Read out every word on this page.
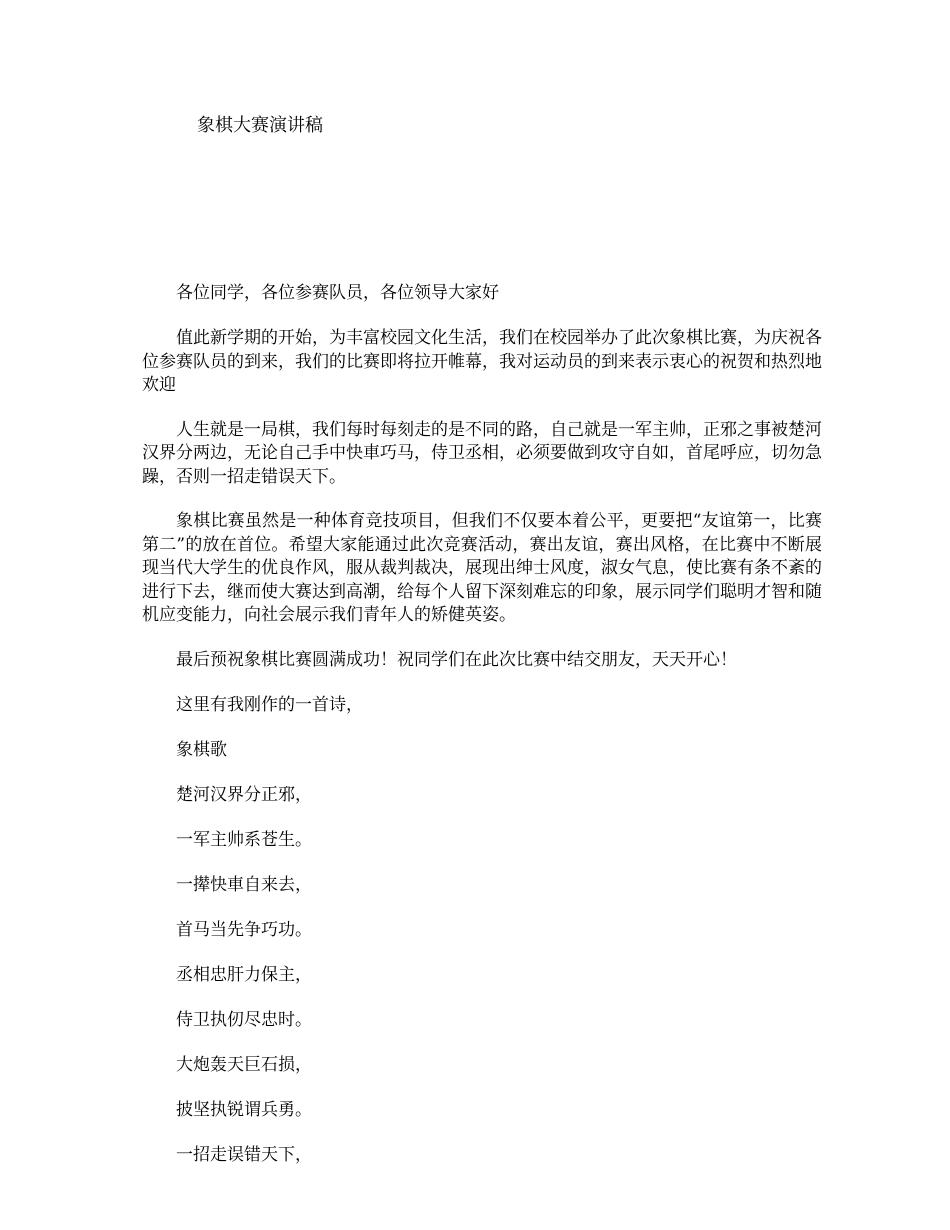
象棋大赛演讲稿

各位同学，各位参赛队员，各位领导大家好

值此新学期的开始，为丰富校园文化生活，我们在校园举办了此次象棋比赛，为庆祝各位参赛队员的到来，我们的比赛即将拉开帷幕，我对运动员的到来表示衷心的祝贺和热烈地欢迎

人生就是一局棋，我们每时每刻走的是不同的路，自己就是一军主帅，正邪之事被楚河汉界分两边，无论自己手中快車巧马，侍卫丞相，必须要做到攻守自如，首尾呼应，切勿急躁，否则一招走错误天下。

象棋比赛虽然是一种体育竞技项目，但我们不仅要本着公平，更要把“友谊第一，比赛第二”的放在首位。希望大家能通过此次竞赛活动，赛出友谊，赛出风格，在比赛中不断展现当代大学生的优良作风，服从裁判裁决，展现出绅士风度，淑女气息，使比赛有条不紊的进行下去，继而使大赛达到高潮，给每个人留下深刻难忘的印象，展示同学们聪明才智和随机应变能力，向社会展示我们青年人的矫健英姿。

最后预祝象棋比赛圆满成功！祝同学们在此次比赛中结交朋友，天天开心！

这里有我刚作的一首诗，

象棋歌

楚河汉界分正邪，

一军主帅系苍生。

一撵快車自来去，

首马当先争巧功。

丞相忠肝力保主，

侍卫执仞尽忠时。

大炮轰天巨石损，

披坚执锐谓兵勇。

一招走误错天下，
